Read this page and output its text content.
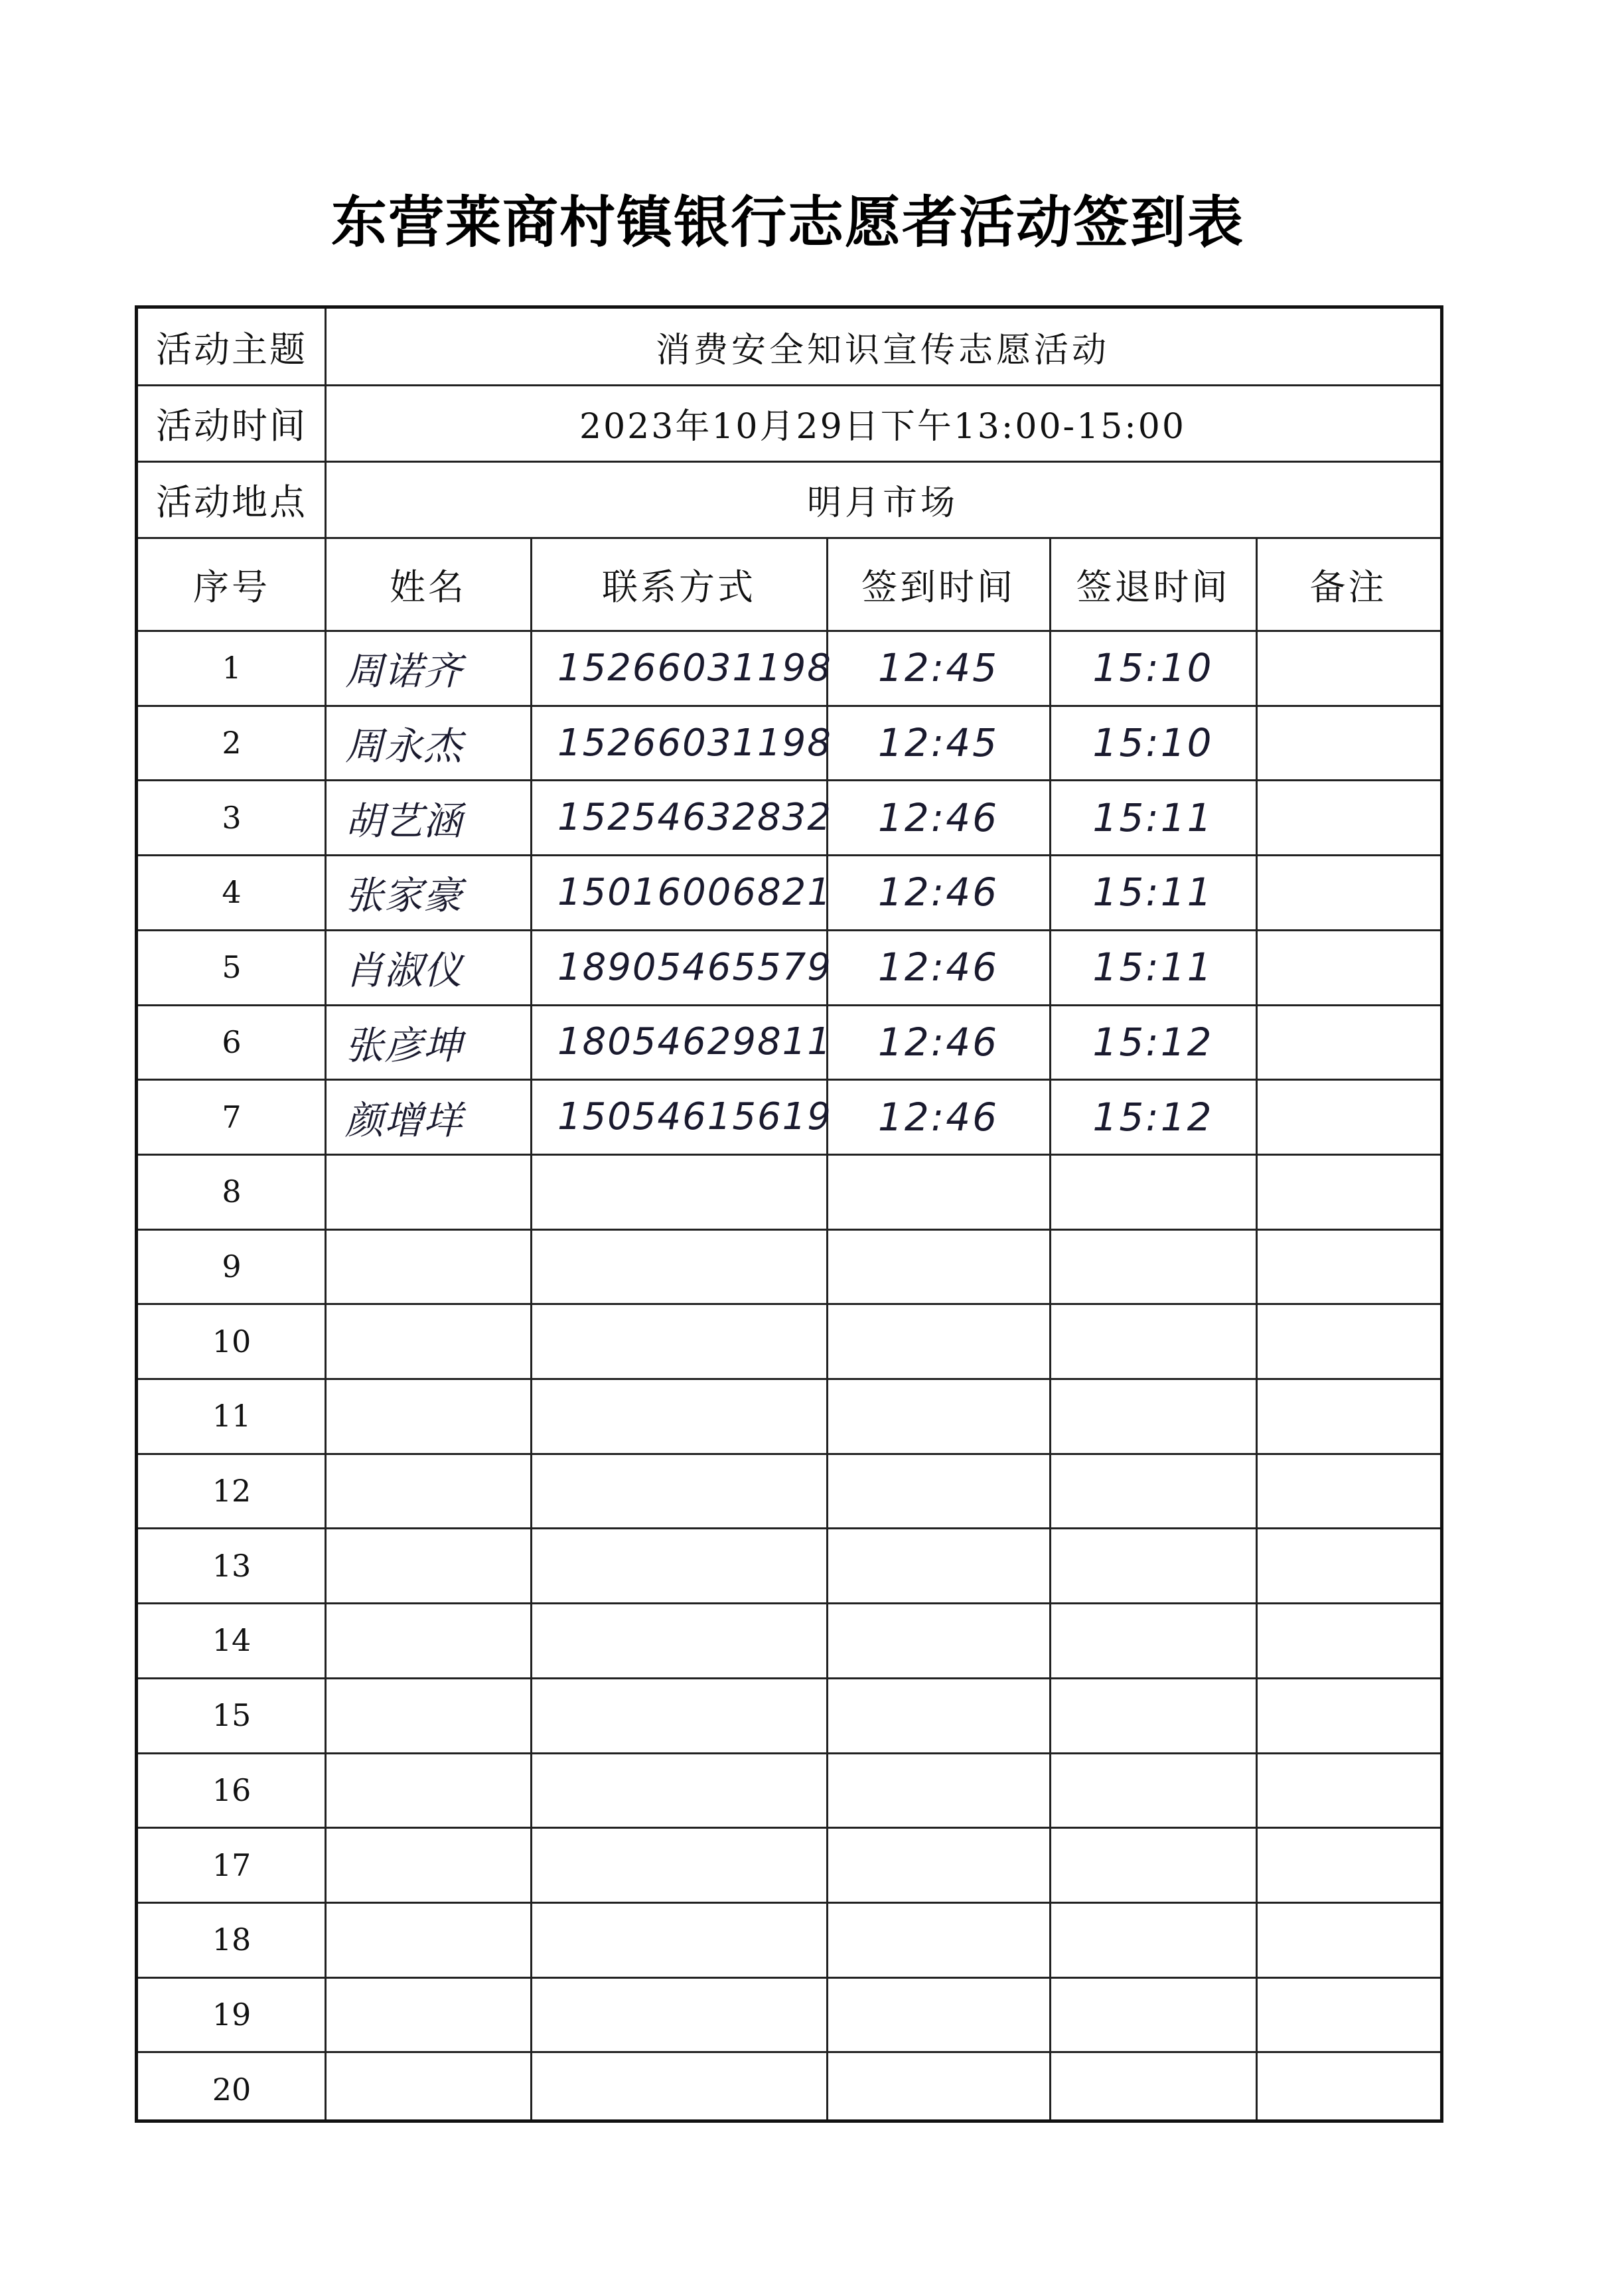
东营莱商村镇银行志愿者活动签到表
活动主题	消费安全知识宣传志愿活动
活动时间	2023年10月29日下午13:00-15:00
活动地点	明月市场
序号	姓名	联系方式	签到时间	签退时间	备注
1	周诺齐	15266031198	12:45	15:10
2	周永杰	15266031198	12:45	15:10
3	胡艺涵	15254632832	12:46	15:11
4	张家豪	15016006821	12:46	15:11
5	肖淑仪	18905465579	12:46	15:11
6	张彦坤	18054629811	12:46	15:12
7	颜增垟	15054615619	12:46	15:12
8
9
10
11
12
13
14
15
16
17
18
19
20
